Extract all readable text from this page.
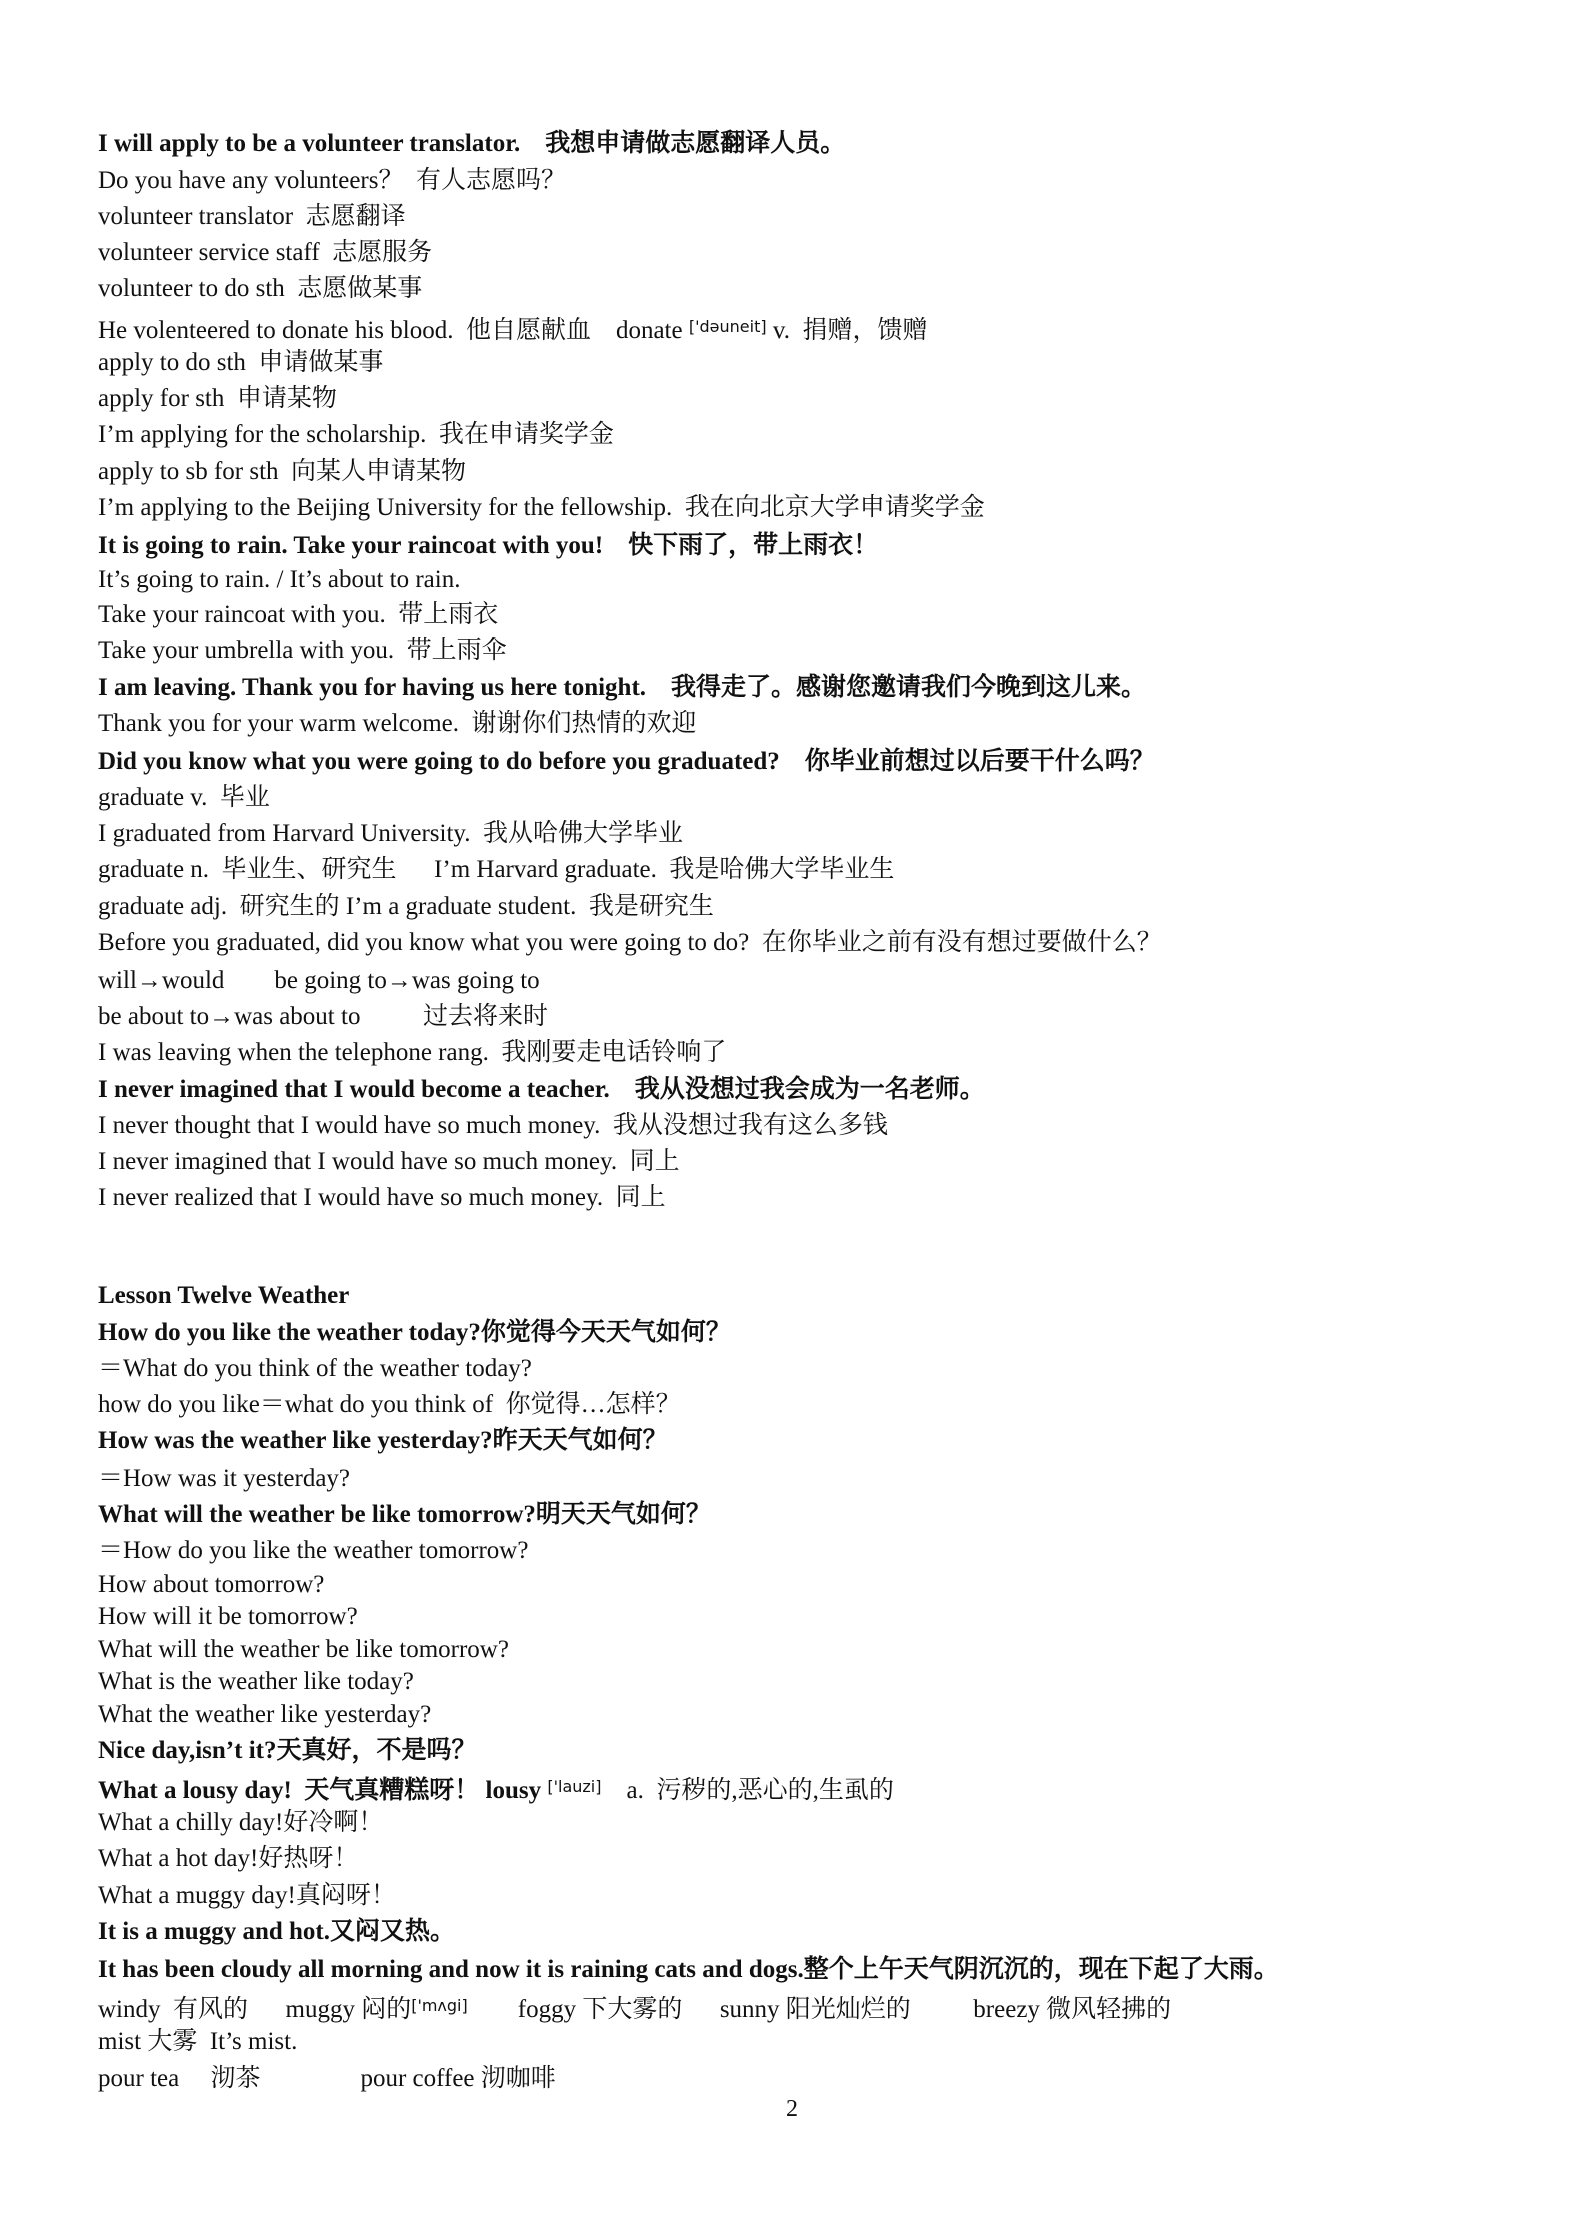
I will apply to be a volunteer translator.    我想申请做志愿翻译人员。
Do you have any volunteers？  有人志愿吗？
volunteer translator  志愿翻译
volunteer service staff  志愿服务
volunteer to do sth  志愿做某事
He volenteered to donate his blood.  他自愿献血    donate ['dəuneit] v.  捐赠，馈赠
apply to do sth  申请做某事
apply for sth  申请某物
I’m applying for the scholarship.  我在申请奖学金
apply to sb for sth  向某人申请某物
I’m applying to the Beijing University for the fellowship.  我在向北京大学申请奖学金
It is going to rain. Take your raincoat with you!    快下雨了，带上雨衣！
It’s going to rain. / It’s about to rain.
Take your raincoat with you.  带上雨衣
Take your umbrella with you.  带上雨伞
I am leaving. Thank you for having us here tonight.    我得走了。感谢您邀请我们今晚到这儿来。
Thank you for your warm welcome.  谢谢你们热情的欢迎
Did you know what you were going to do before you graduated?    你毕业前想过以后要干什么吗？
graduate v.  毕业
I graduated from Harvard University.  我从哈佛大学毕业
graduate n.  毕业生、研究生      I’m Harvard graduate.  我是哈佛大学毕业生
graduate adj.  研究生的 I’m a graduate student.  我是研究生
Before you graduated, did you know what you were going to do?  在你毕业之前有没有想过要做什么？
will→would        be going to→was going to
be about to→was about to          过去将来时
I was leaving when the telephone rang.  我刚要走电话铃响了
I never imagined that I would become a teacher.    我从没想过我会成为一名老师。
I never thought that I would have so much money.  我从没想过我有这么多钱
I never imagined that I would have so much money.  同上
I never realized that I would have so much money.  同上
Lesson Twelve Weather
How do you like the weather today?你觉得今天天气如何？
＝What do you think of the weather today?
how do you like＝what do you think of  你觉得…怎样？
How was the weather like yesterday?昨天天气如何？
＝How was it yesterday?
What will the weather be like tomorrow?明天天气如何？
＝How do you like the weather tomorrow?
How about tomorrow?
How will it be tomorrow?
What will the weather be like tomorrow?
What is the weather like today?
What the weather like yesterday?
Nice day,isn’t it?天真好，不是吗？
What a lousy day!  天气真糟糕呀！ lousy ['lauzi]    a.  污秽的,恶心的,生虱的
What a chilly day!好冷啊！
What a hot day!好热呀！
What a muggy day!真闷呀！
It is a muggy and hot.又闷又热。
It has been cloudy all morning and now it is raining cats and dogs.整个上午天气阴沉沉的，现在下起了大雨。
windy  有风的      muggy 闷的['mʌgi]        foggy 下大雾的      sunny 阳光灿烂的          breezy 微风轻拂的
mist 大雾  It’s mist.
pour tea     沏茶                pour coffee 沏咖啡
2
